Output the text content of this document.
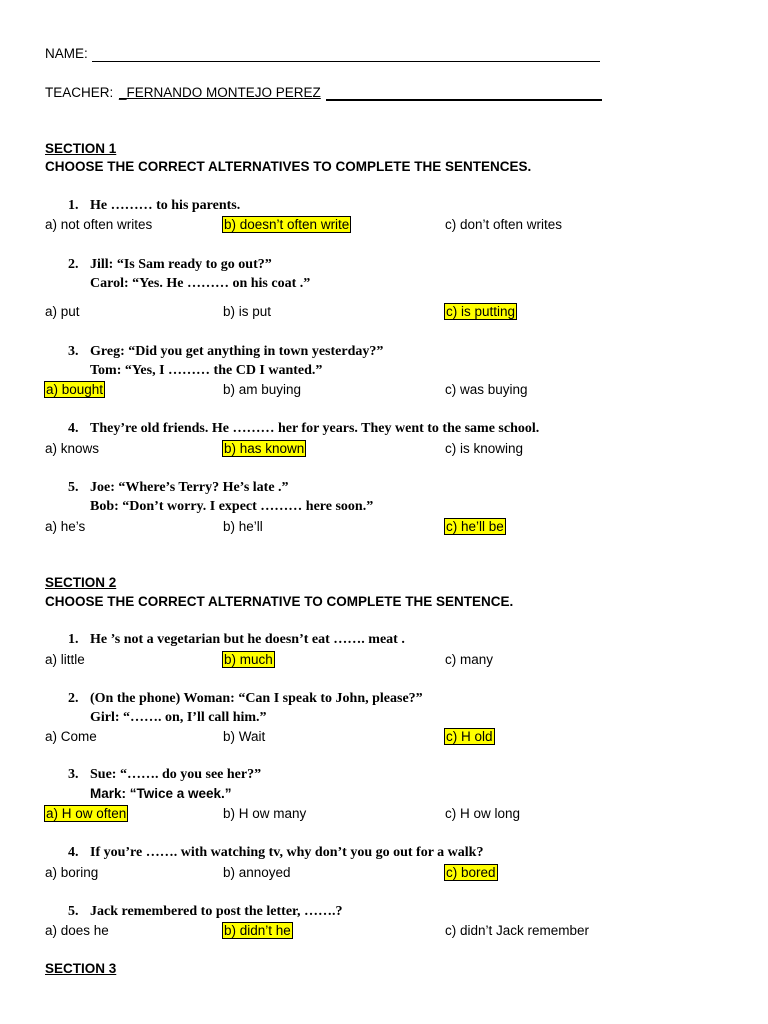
NAME:
TEACHER: _FERNANDO MONTEJO PEREZ
SECTION 1
CHOOSE THE CORRECT ALTERNATIVES TO COMPLETE THE SENTENCES.
1. He ……… to his parents.
a) not often writes	b) doesn’t often write	c) don’t often writes
2. Jill: “Is Sam ready to go out?”
Carol: “Yes. He ……… on his coat .”
a) put	b) is put	c) is putting
3. Greg: “Did you get anything in town yesterday?”
Tom: “Yes, I ……… the CD I wanted.”
a) bought	b) am buying	c) was buying
4. They’re old friends. He ……… her for years. They went to the same school.
a) knows	b) has known	c) is knowing
5. Joe: “Where’s Terry? He’s late .”
Bob: “Don’t worry. I expect ……… here soon.”
a) he’s	b) he’ll	c) he’ll be
SECTION 2
CHOOSE THE CORRECT ALTERNATIVE TO COMPLETE THE SENTENCE.
1. He ’s not a vegetarian but he doesn’t eat ……. meat .
a) little	b) much	c) many
2. (On the phone) Woman: “Can I speak to John, please?”
Girl: “……. on, I’ll call him.”
a) Come	b) Wait	c) H old
3. Sue: “……. do you see her?”
Mark: “Twice a week.”
a) H ow often	b) H ow many	c) H ow long
4. If you’re ……. with watching tv, why don’t you go out for a walk?
a) boring	b) annoyed	c) bored
5. Jack remembered to post the letter, …….?
a) does he	b) didn’t he	c) didn’t Jack remember
SECTION 3
